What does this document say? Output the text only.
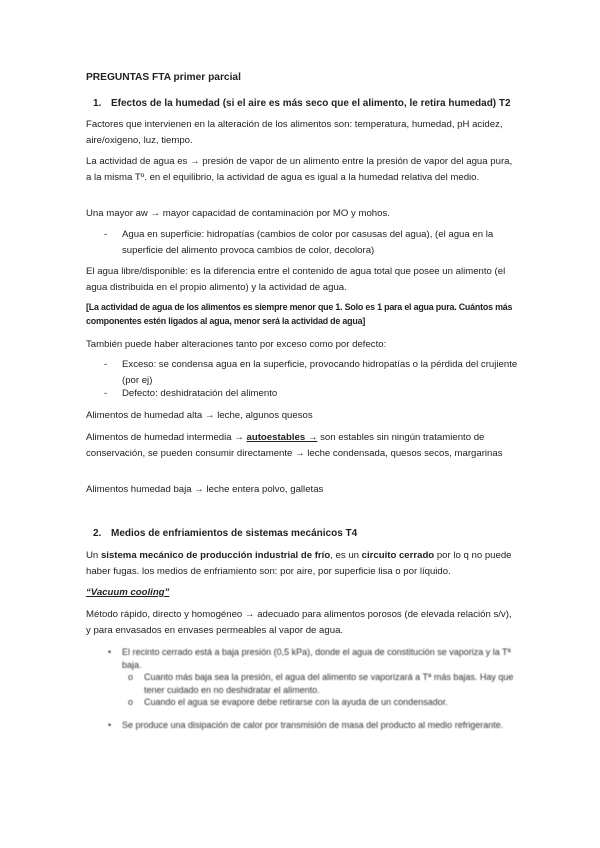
PREGUNTAS FTA primer parcial
1. Efectos de la humedad (si el aire es más seco que el alimento, le retira humedad) T2
Factores que intervienen en la alteración de los alimentos son: temperatura, humedad, pH acidez, aire/oxigeno, luz, tiempo.
La actividad de agua es → presión de vapor de un alimento entre la presión de vapor del agua pura, a la misma Tº. en el equilibrio, la actividad de agua es igual a la humedad relativa del medio.
Una mayor aw → mayor capacidad de contaminación por MO y mohos.
- Agua en superficie: hidropatías (cambios de color por casusas del agua), (el agua en la superficie del alimento provoca cambios de color, decolora)
El agua libre/disponible: es la diferencia entre el contenido de agua total que posee un alimento (el agua distribuida en el propio alimento) y la actividad de agua.
[La actividad de agua de los alimentos es siempre menor que 1. Solo es 1 para el agua pura. Cuántos más componentes estén ligados al agua, menor será la actividad de agua]
También puede haber alteraciones tanto por exceso como por defecto:
- Exceso: se condensa agua en la superficie, provocando hidropatías o la pérdida del crujiente (por ej)
- Defecto: deshidratación del alimento
Alimentos de humedad alta → leche, algunos quesos
Alimentos de humedad intermedia → autoestables → son estables sin ningún tratamiento de conservación, se pueden consumir directamente → leche condensada, quesos secos, margarinas
Alimentos humedad baja → leche entera polvo, galletas
2. Medios de enfriamientos de sistemas mecánicos T4
Un sistema mecánico de producción industrial de frío, es un circuito cerrado por lo q no puede haber fugas. los medios de enfriamiento son: por aire, por superficie lisa o por líquido.
“Vacuum cooling”
Método rápido, directo y homogéneo → adecuado para alimentos porosos (de elevada relación s/v), y para envasados en envases permeables al vapor de agua.
• El recinto cerrado está a baja presión (0,5 kPa), donde el agua de constitución se vaporiza y la Tª baja.
o Cuanto más baja sea la presión, el agua del alimento se vaporizará a Tª más bajas. Hay que tener cuidado en no deshidratar el alimento.
o Cuando el agua se evapore debe retirarse con la ayuda de un condensador.
• Se produce una disipación de calor por transmisión de masa del producto al medio refrigerante.
